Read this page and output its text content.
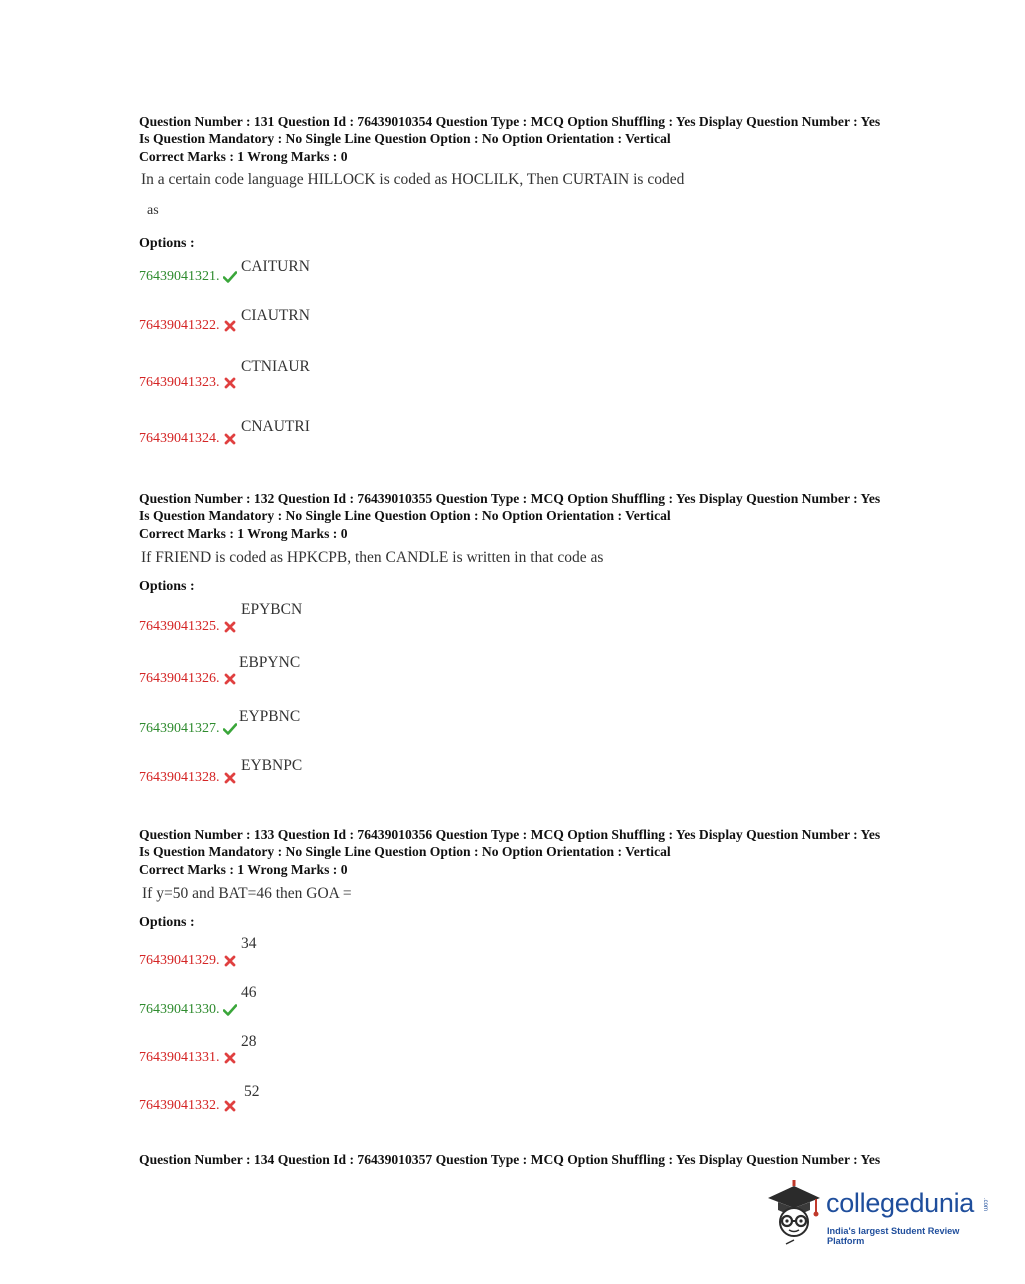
Question Number : 131 Question Id : 76439010354 Question Type : MCQ Option Shuffling : Yes Display Question Number : Yes

Is Question Mandatory : No Single Line Question Option : No Option Orientation : Vertical

Correct Marks : 1 Wrong Marks : 0

In a certain code language HILLOCK is coded as HOCLILK, Then CURTAIN is coded
as

Options :

76439041321.
CAITURN
76439041322.
CIAUTRN
76439041323.
CTNIAUR
76439041324.
CNAUTRI

Question Number : 132 Question Id : 76439010355 Question Type : MCQ Option Shuffling : Yes Display Question Number : Yes

Is Question Mandatory : No Single Line Question Option : No Option Orientation : Vertical

Correct Marks : 1 Wrong Marks : 0

If FRIEND is coded as HPKCPB, then CANDLE is written in that code as

Options :

76439041325.
EPYBCN
76439041326.
EBPYNC
76439041327.
EYPBNC
76439041328.
EYBNPC

Question Number : 133 Question Id : 76439010356 Question Type : MCQ Option Shuffling : Yes Display Question Number : Yes

Is Question Mandatory : No Single Line Question Option : No Option Orientation : Vertical

Correct Marks : 1 Wrong Marks : 0

If y=50 and BAT=46 then GOA =

Options :

76439041329.
34
76439041330.
46
76439041331.
28
76439041332.
52

Question Number : 134 Question Id : 76439010357 Question Type : MCQ Option Shuffling : Yes Display Question Number : Yes

collegedunia .com
India's largest Student Review Platform
